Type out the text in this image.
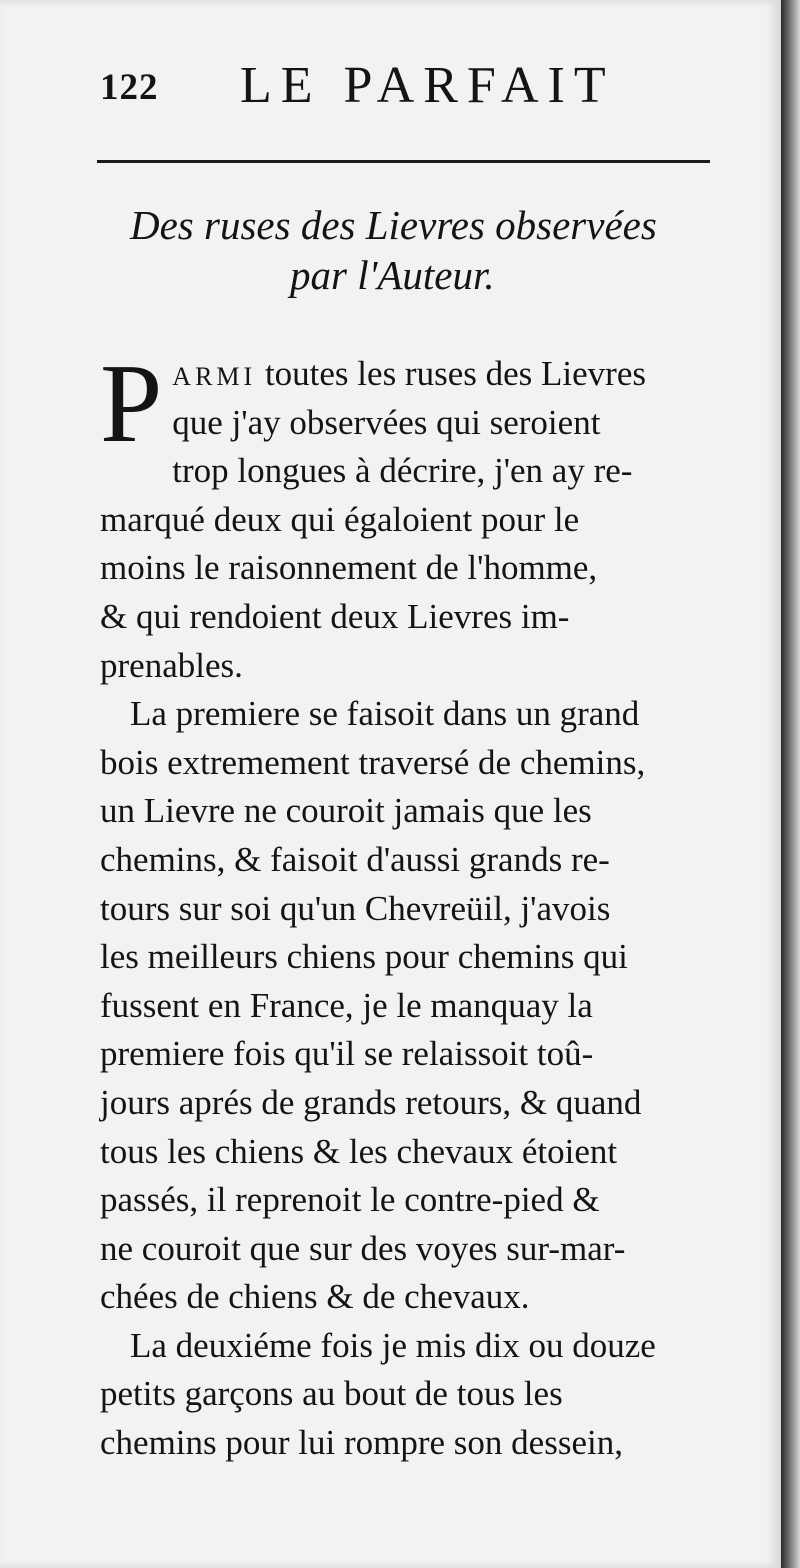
122 LE PARFAIT
Des ruses des Lievres observées
par l'Auteur.
P ARMI toutes les ruses des Lievres
que j'ay observées qui seroient
trop longues à décrire, j'en ay re-
marqué deux qui égaloient pour le
moins le raisonnement de l'homme,
& qui rendoient deux Lievres im-
prenables.
La premiere se faisoit dans un grand
bois extremement traversé de chemins,
un Lievre ne couroit jamais que les
chemins, & faisoit d'aussi grands re-
tours sur soi qu'un Chevreüil, j'avois
les meilleurs chiens pour chemins qui
fussent en France, je le manquay la
premiere fois qu'il se relaissoit toû-
jours aprés de grands retours, & quand
tous les chiens & les chevaux étoient
passés, il reprenoit le contre-pied &
ne couroit que sur des voyes sur-mar-
chées de chiens & de chevaux.
La deuxiéme fois je mis dix ou douze
petits garçons au bout de tous les
chemins pour lui rompre son dessein,
